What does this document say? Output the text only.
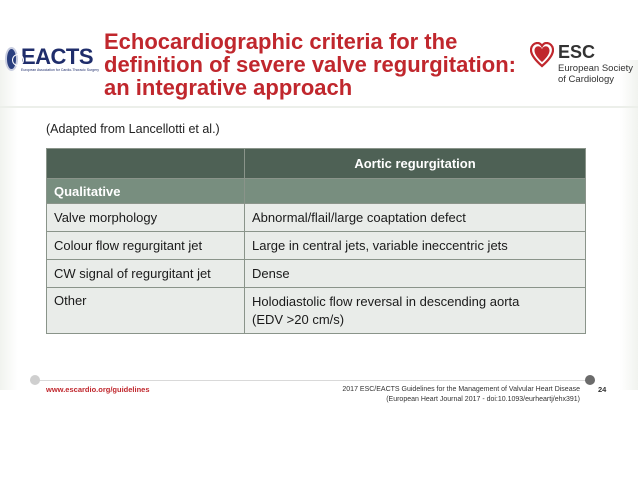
EACTS
European Association for Cardio-Thoracic Surgery
Echocardiographic criteria for the
definition of severe valve regurgitation:
an integrative approach
ESC
European Society
of Cardiology
(Adapted from Lancellotti et al.)
	Aortic regurgitation
Qualitative	
Valve morphology	Abnormal/flail/large coaptation defect
Colour flow regurgitant jet	Large in central jets, variable ineccentric jets
CW signal of regurgitant jet	Dense
Other	Holodiastolic flow reversal in descending aorta
(EDV >20 cm/s)
www.escardio.org/guidelines	2017 ESC/EACTS Guidelines for the Management of Valvular Heart Disease
(European Heart Journal 2017 - doi:10.1093/eurheartj/ehx391)
24
